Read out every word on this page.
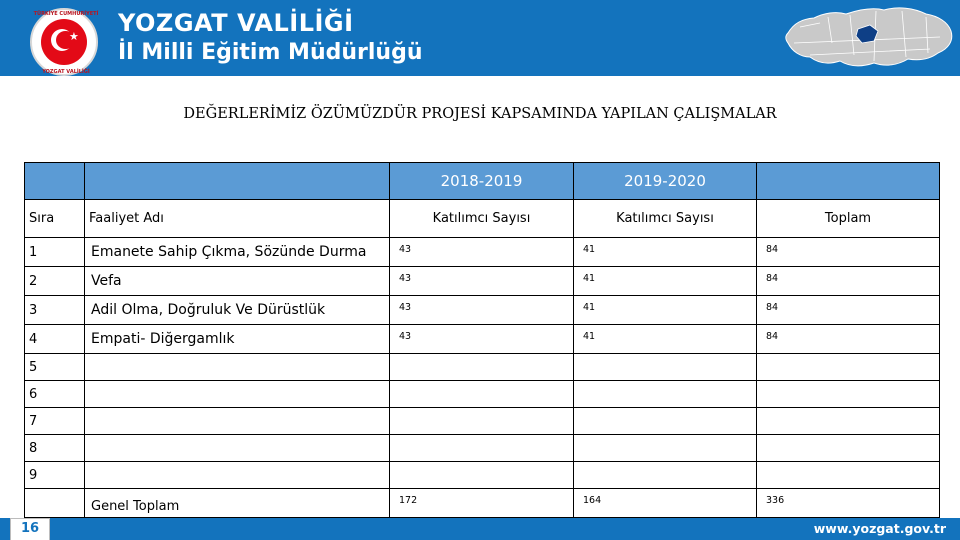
TÜRKİYE CUMHURİYETİ
★
YOZGAT VALİLİĞİ
YOZGAT VALİLİĞİ
İl Milli Eğitim Müdürlüğü
DEĞERLERİMİZ ÖZÜMÜZDÜR PROJESİ KAPSAMINDA YAPILAN ÇALIŞMALAR
		2018-2019	2019-2020	
Sıra	Faaliyet Adı	Katılımcı Sayısı	Katılımcı Sayısı	Toplam
1	Emanete Sahip Çıkma, Sözünde Durma	43	41	84
2	Vefa	43	41	84
3	Adil Olma, Doğruluk Ve Dürüstlük	43	41	84
4	Empati- Diğergamlık	43	41	84
5				
6				
7				
8				
9				
	Genel Toplam	172	164	336
www.yozgat.gov.tr
16
